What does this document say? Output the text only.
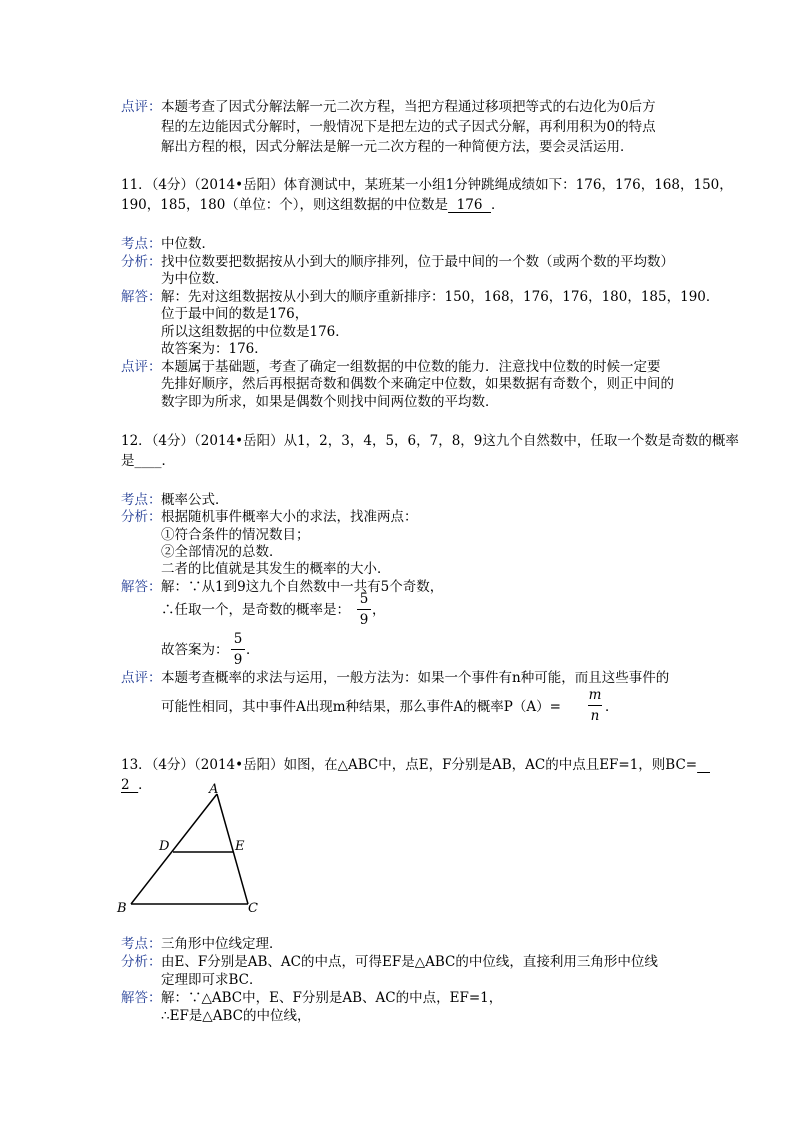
点评： 本题考查了因式分解法解一元二次方程，当把方程通过移项把等式的右边化为0后方
程的左边能因式分解时，一般情况下是把左边的式子因式分解，再利用积为0的特点
解出方程的根，因式分解法是解一元二次方程的一种简便方法，要会灵活运用．
11．（4分）（2014•岳阳）体育测试中，某班某一小组1分钟跳绳成绩如下：176，176，168，150，
190，185，180（单位：个），则这组数据的中位数是  176  ．
考点： 中位数．
分析： 找中位数要把数据按从小到大的顺序排列，位于最中间的一个数（或两个数的平均数）
为中位数．
解答： 解：先对这组数据按从小到大的顺序重新排序：150，168，176，176，180，185，190．
位于最中间的数是176，
所以这组数据的中位数是176．
故答案为：176．
点评： 本题属于基础题，考查了确定一组数据的中位数的能力．注意找中位数的时候一定要
先排好顺序，然后再根据奇数和偶数个来确定中位数，如果数据有奇数个，则正中间的
数字即为所求，如果是偶数个则找中间两位数的平均数．
12．（4分）（2014•岳阳）从1，2，3，4，5，6，7，8，9这九个自然数中，任取一个数是奇数的概率
是____．
考点： 概率公式．
分析： 根据随机事件概率大小的求法，找准两点：
①符合条件的情况数目；
②全部情况的总数．
二者的比值就是其发生的概率的大小．
解答： 解：∵从1到9这九个自然数中一共有5个奇数，
∴任取一个，是奇数的概率是：
5
9
，
故答案为：
5
9
．
点评： 本题考查概率的求法与运用，一般方法为：如果一个事件有n种可能，而且这些事件的
可能性相同，其中事件A出现m种结果，那么事件A的概率P（A）=
m
n
．
13．（4分）（2014•岳阳）如图，在△ABC中，点E，F分别是AB，AC的中点且EF=1，则BC=
2  ．	A
D	E
B	C
考点： 三角形中位线定理．
分析： 由E、F分别是AB、AC的中点，可得EF是△ABC的中位线，直接利用三角形中位线
定理即可求BC．
解答： 解：∵△ABC中，E、F分别是AB、AC的中点，EF=1，
∴EF是△ABC的中位线，
